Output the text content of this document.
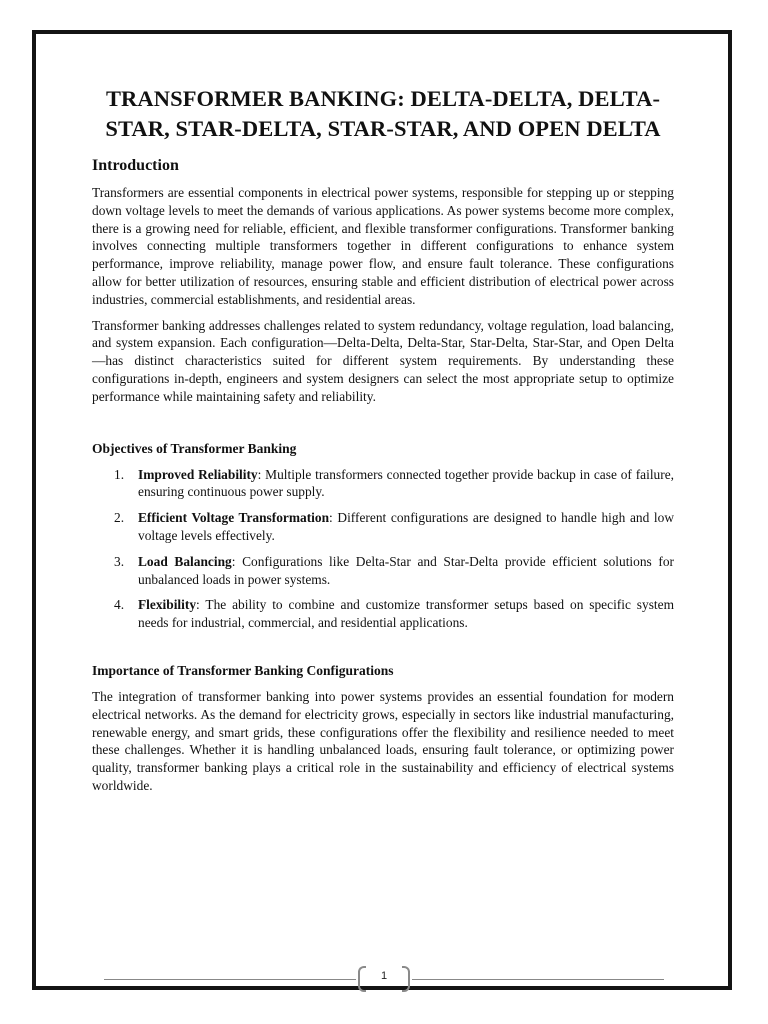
TRANSFORMER BANKING: DELTA-DELTA, DELTA-STAR, STAR-DELTA, STAR-STAR, AND OPEN DELTA
Introduction

Transformers are essential components in electrical power systems, responsible for stepping up or stepping down voltage levels to meet the demands of various applications. As power systems become more complex, there is a growing need for reliable, efficient, and flexible transformer configurations. Transformer banking involves connecting multiple transformers together in different configurations to enhance system performance, improve reliability, manage power flow, and ensure fault tolerance. These configurations allow for better utilization of resources, ensuring stable and efficient distribution of electrical power across industries, commercial establishments, and residential areas.

Transformer banking addresses challenges related to system redundancy, voltage regulation, load balancing, and system expansion. Each configuration—Delta-Delta, Delta-Star, Star-Delta, Star-Star, and Open Delta—has distinct characteristics suited for different system requirements. By understanding these configurations in-depth, engineers and system designers can select the most appropriate setup to optimize performance while maintaining safety and reliability.

Objectives of Transformer Banking
1. Improved Reliability: Multiple transformers connected together provide backup in case of failure, ensuring continuous power supply.
2. Efficient Voltage Transformation: Different configurations are designed to handle high and low voltage levels effectively.
3. Load Balancing: Configurations like Delta-Star and Star-Delta provide efficient solutions for unbalanced loads in power systems.
4. Flexibility: The ability to combine and customize transformer setups based on specific system needs for industrial, commercial, and residential applications.
Importance of Transformer Banking Configurations

The integration of transformer banking into power systems provides an essential foundation for modern electrical networks. As the demand for electricity grows, especially in sectors like industrial manufacturing, renewable energy, and smart grids, these configurations offer the flexibility and resilience needed to meet these challenges. Whether it is handling unbalanced loads, ensuring fault tolerance, or optimizing power quality, transformer banking plays a critical role in the sustainability and efficiency of electrical systems worldwide.

1
